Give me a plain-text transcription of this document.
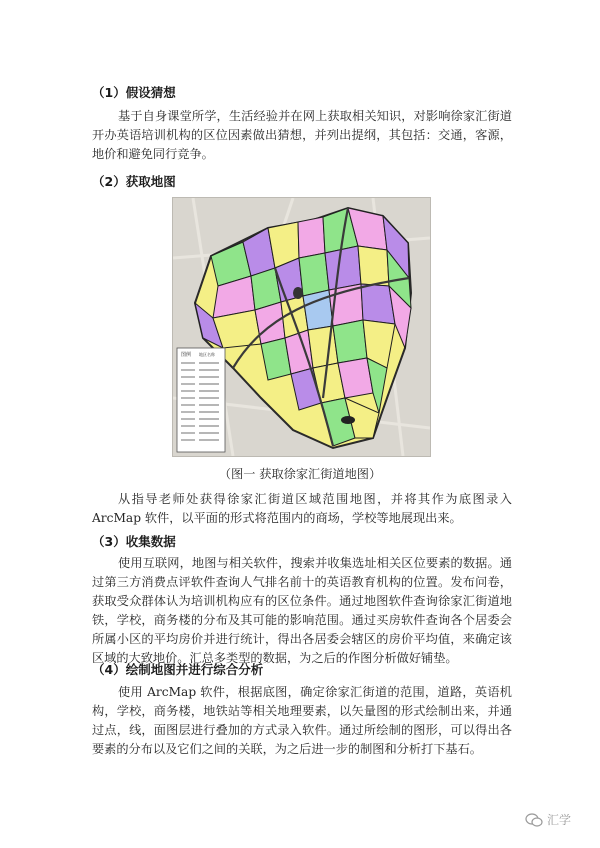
（1）假设猜想
基于自身课堂所学，生活经验并在网上获取相关知识，对影响徐家汇街道开办英语培训机构的区位因素做出猜想，并列出提纲，其包括：交通，客源，地价和避免同行竞争。
（2）获取地图
图例 地区名称
（图一 获取徐家汇街道地图）
从指导老师处获得徐家汇街道区域范围地图，并将其作为底图录入 ArcMap 软件，以平面的形式将范围内的商场，学校等地展现出来。
（3）收集数据
使用互联网，地图与相关软件，搜索并收集选址相关区位要素的数据。通过第三方消费点评软件查询人气排名前十的英语教育机构的位置。发布问卷，获取受众群体认为培训机构应有的区位条件。通过地图软件查询徐家汇街道地铁，学校，商务楼的分布及其可能的影响范围。通过买房软件查询各个居委会所属小区的平均房价并进行统计，得出各居委会辖区的房价平均值，来确定该区域的大致地价。汇总多类型的数据，为之后的作图分析做好铺垫。
（4）绘制地图并进行综合分析
使用 ArcMap 软件，根据底图，确定徐家汇街道的范围，道路，英语机构，学校，商务楼，地铁站等相关地理要素，以矢量图的形式绘制出来，并通过点，线，面图层进行叠加的方式录入软件。通过所绘制的图形，可以得出各要素的分布以及它们之间的关联，为之后进一步的制图和分析打下基石。
汇学
